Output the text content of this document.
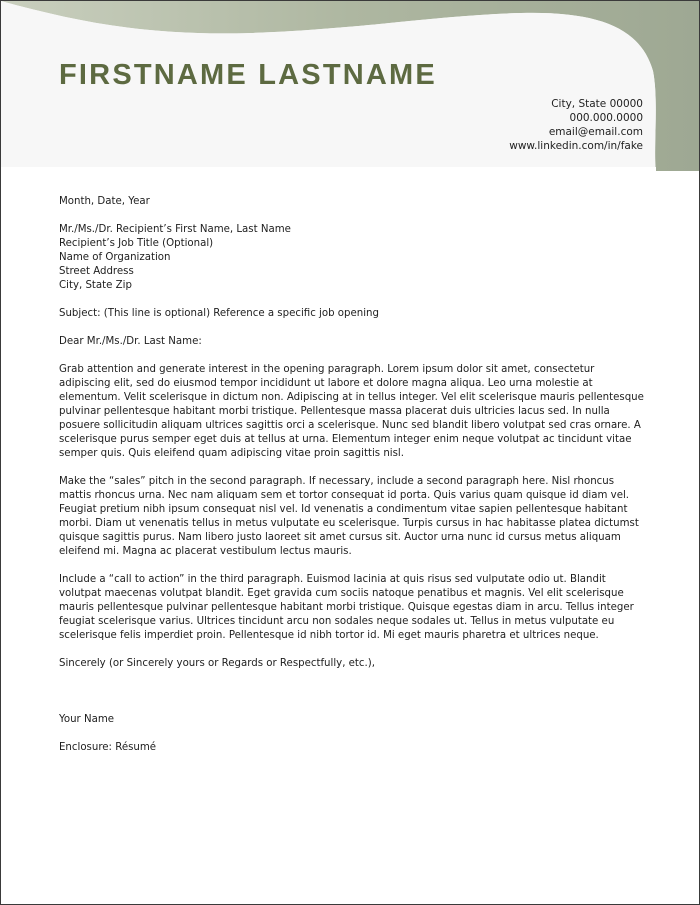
FIRSTNAME LASTNAME
City, State 00000
000.000.0000
email@email.com
www.linkedin.com/in/fake

Month, Date, Year

Mr./Ms./Dr. Recipient’s First Name, Last Name
Recipient’s Job Title (Optional)
Name of Organization
Street Address
City, State Zip

Subject: (This line is optional) Reference a specific job opening

Dear Mr./Ms./Dr. Last Name:

Grab attention and generate interest in the opening paragraph. Lorem ipsum dolor sit amet, consectetur adipiscing elit, sed do eiusmod tempor incididunt ut labore et dolore magna aliqua. Leo urna molestie at elementum. Velit scelerisque in dictum non. Adipiscing at in tellus integer. Vel elit scelerisque mauris pellentesque pulvinar pellentesque habitant morbi tristique. Pellentesque massa placerat duis ultricies lacus sed. In nulla posuere sollicitudin aliquam ultrices sagittis orci a scelerisque. Nunc sed blandit libero volutpat sed cras ornare. A scelerisque purus semper eget duis at tellus at urna. Elementum integer enim neque volutpat ac tincidunt vitae semper quis. Quis eleifend quam adipiscing vitae proin sagittis nisl.

Make the “sales” pitch in the second paragraph. If necessary, include a second paragraph here. Nisl rhoncus mattis rhoncus urna. Nec nam aliquam sem et tortor consequat id porta. Quis varius quam quisque id diam vel. Feugiat pretium nibh ipsum consequat nisl vel. Id venenatis a condimentum vitae sapien pellentesque habitant morbi. Diam ut venenatis tellus in metus vulputate eu scelerisque. Turpis cursus in hac habitasse platea dictumst quisque sagittis purus. Nam libero justo laoreet sit amet cursus sit. Auctor urna nunc id cursus metus aliquam eleifend mi. Magna ac placerat vestibulum lectus mauris.

Include a “call to action” in the third paragraph. Euismod lacinia at quis risus sed vulputate odio ut. Blandit volutpat maecenas volutpat blandit. Eget gravida cum sociis natoque penatibus et magnis. Vel elit scelerisque mauris pellentesque pulvinar pellentesque habitant morbi tristique. Quisque egestas diam in arcu. Tellus integer feugiat scelerisque varius. Ultrices tincidunt arcu non sodales neque sodales ut. Tellus in metus vulputate eu scelerisque felis imperdiet proin. Pellentesque id nibh tortor id. Mi eget mauris pharetra et ultrices neque.

Sincerely (or Sincerely yours or Regards or Respectfully, etc.),

Your Name

Enclosure: Résumé
